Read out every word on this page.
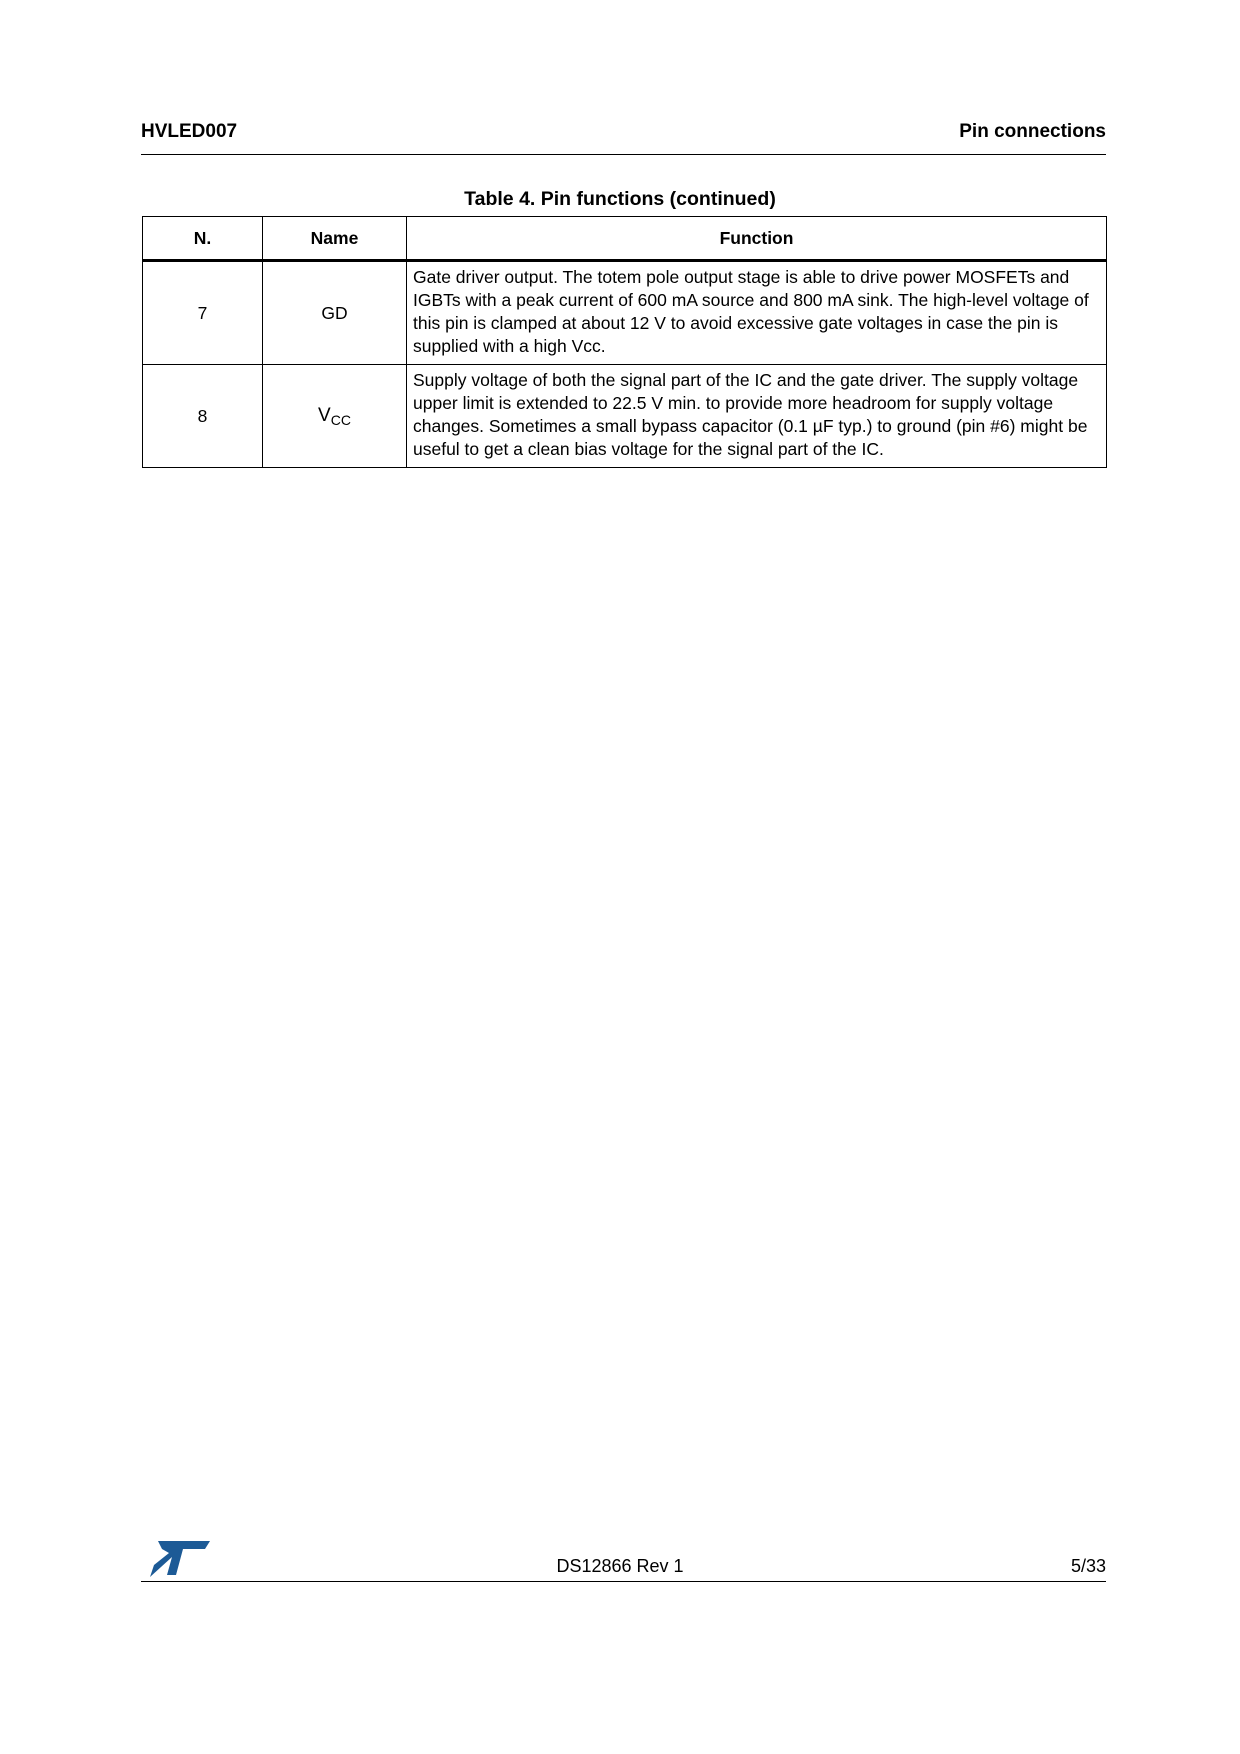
HVLED007	Pin connections
Table 4. Pin functions (continued)
N.	Name	Function
7	GD	Gate driver output. The totem pole output stage is able to drive power MOSFETs and IGBTs with a peak current of 600 mA source and 800 mA sink. The high-level voltage of this pin is clamped at about 12 V to avoid excessive gate voltages in case the pin is supplied with a high Vcc.
8	$V_{CC}$	Supply voltage of both the signal part of the IC and the gate driver. The supply voltage upper limit is extended to 22.5 V min. to provide more headroom for supply voltage changes. Sometimes a small bypass capacitor (0.1 µF typ.) to ground (pin #6) might be useful to get a clean bias voltage for the signal part of the IC.
DS12866 Rev 1	5/33
